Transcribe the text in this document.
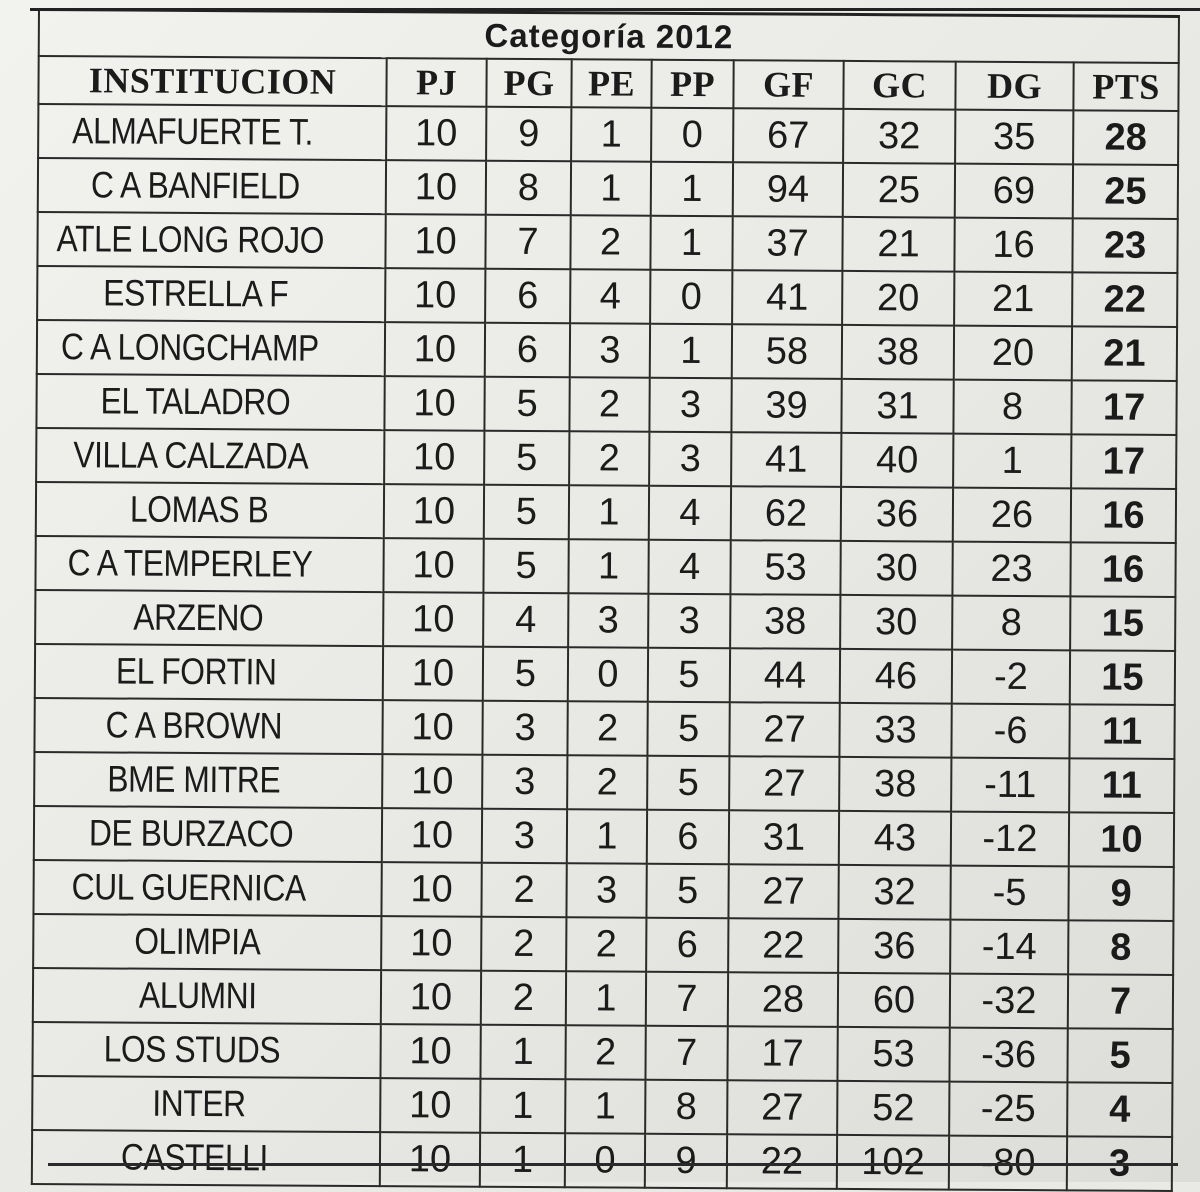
Categoría 2012								
INSTITUCION	PJ	PG	PE	PP	GF	GC	DG	PTS
ALMAFUERTE T.	10	9	1	0	67	32	35	28
C A BANFIELD	10	8	1	1	94	25	69	25
ATLE LONG ROJO	10	7	2	1	37	21	16	23
ESTRELLA F	10	6	4	0	41	20	21	22
C A LONGCHAMP	10	6	3	1	58	38	20	21
EL TALADRO	10	5	2	3	39	31	8	17
VILLA CALZADA	10	5	2	3	41	40	1	17
LOMAS B	10	5	1	4	62	36	26	16
C A TEMPERLEY	10	5	1	4	53	30	23	16
ARZENO	10	4	3	3	38	30	8	15
EL FORTIN	10	5	0	5	44	46	-2	15
C A BROWN	10	3	2	5	27	33	-6	11
BME MITRE	10	3	2	5	27	38	-11	11
DE BURZACO	10	3	1	6	31	43	-12	10
CUL GUERNICA	10	2	3	5	27	32	-5	9
OLIMPIA	10	2	2	6	22	36	-14	8
ALUMNI	10	2	1	7	28	60	-32	7
LOS STUDS	10	1	2	7	17	53	-36	5
INTER	10	1	1	8	27	52	-25	4
CASTELLI	10	1	0	9	22	102	-80	3
